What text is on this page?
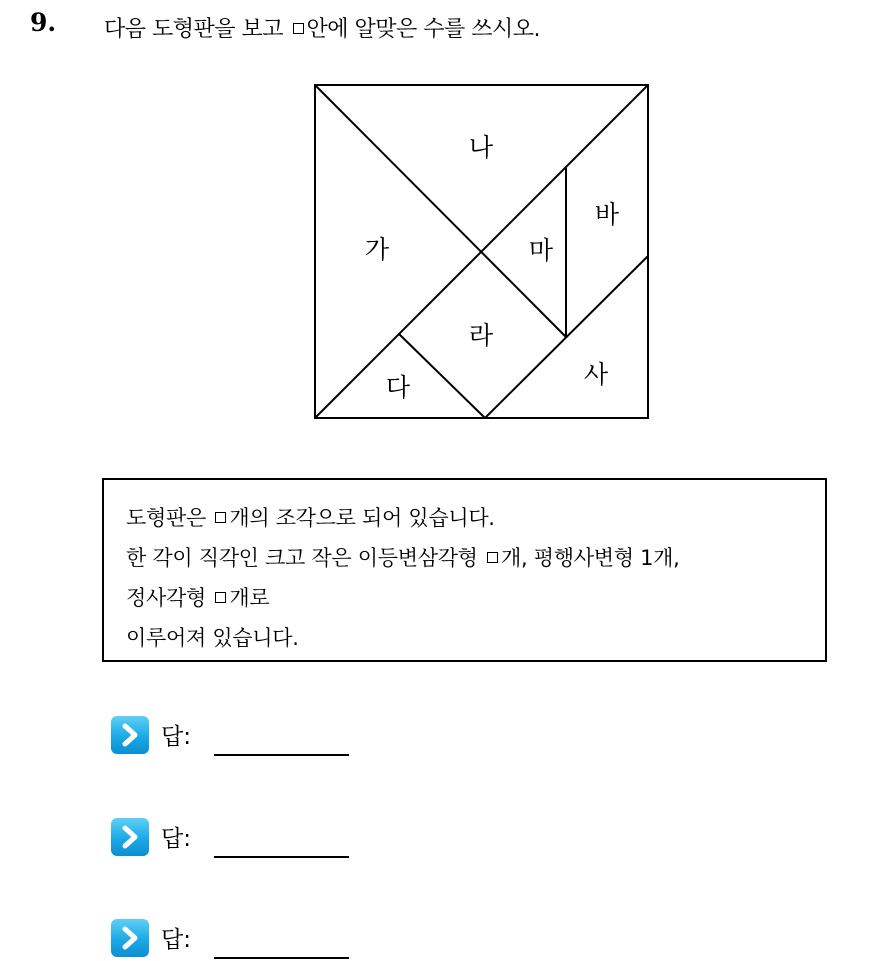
9. 다음 도형판을 보고 안에 알맞은 수를 쓰시오.
가
나
다
라
마
바
사
도형판은 개의 조각으로 되어 있습니다.
한 각이 직각인 크고 작은 이등변삼각형 개, 평행사변형 1개,
정사각형 개로
이루어져 있습니다.
답:
답:
답:
